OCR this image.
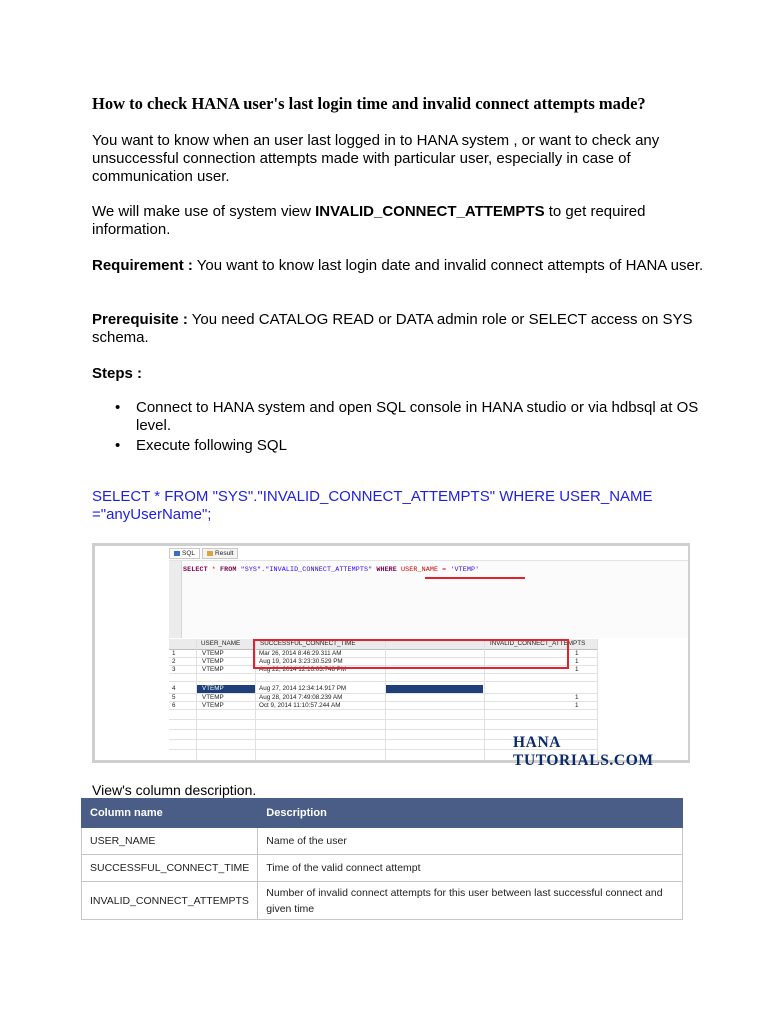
How to check HANA user's last login time and invalid connect attempts made?
You want to know when an user last logged in to HANA system , or want to check any unsuccessful connection attempts made with particular user, especially in case of communication user.
We will make use of system view INVALID_CONNECT_ATTEMPTS to get required information.
Requirement : You want to know last login date and invalid connect attempts of HANA user.
Prerequisite : You need CATALOG READ or DATA admin role or SELECT access on SYS schema.
Steps :
• Connect to HANA system and open SQL console in HANA studio or via hdbsql at OS level.
• Execute following SQL
SELECT * FROM "SYS"."INVALID_CONNECT_ATTEMPTS" WHERE USER_NAME ="anyUserName";
SQL	Result
SELECT * FROM "SYS"."INVALID_CONNECT_ATTEMPTS" WHERE USER_NAME = 'VTEMP'
USER_NAME	SUCCESSFUL_CONNECT_TIME	INVALID_CONNECT_ATTEMPTS
1	VTEMP	Mar 26, 2014 8:46:29.311 AM	1
2	VTEMP	Aug 19, 2014 3:23:30.529 PM	1
3	VTEMP	Aug 22, 2014 12:16:03.748 PM	1
4	VTEMP	Aug 27, 2014 12:34:14.917 PM	2
5	VTEMP	Aug 28, 2014 7:49:08.239 AM	1
6	VTEMP	Oct 9, 2014 11:10:57.244 AM	1
HANA TUTORIALS.COM
View's column description.
Column name	Description
USER_NAME	Name of the user
SUCCESSFUL_CONNECT_TIME	Time of the valid connect attempt
INVALID_CONNECT_ATTEMPTS	Number of invalid connect attempts for this user between last successful connect and given time
